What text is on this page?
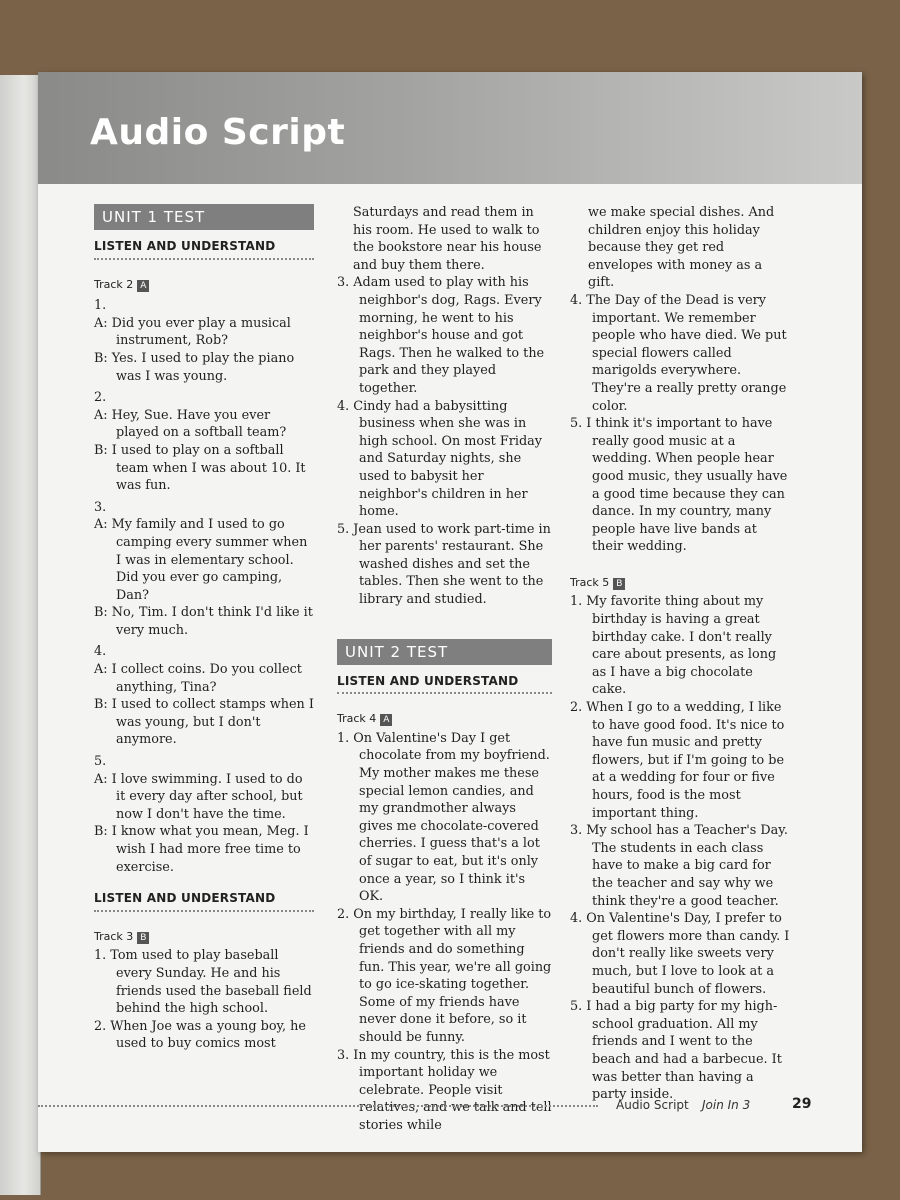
Audio Script
UNIT 1 TEST
LISTEN AND UNDERSTAND
Track 2 A
1.
A: Did you ever play a musical instrument, Rob?
B: Yes. I used to play the piano was I was young.
2.
A: Hey, Sue. Have you ever played on a softball team?
B: I used to play on a softball team when I was about 10. It was fun.
3.
A: My family and I used to go camping every summer when I was in elementary school. Did you ever go camping, Dan?
B: No, Tim. I don't think I'd like it very much.
4.
A: I collect coins. Do you collect anything, Tina?
B: I used to collect stamps when I was young, but I don't anymore.
5.
A: I love swimming. I used to do it every day after school, but now I don't have the time.
B: I know what you mean, Meg. I wish I had more free time to exercise.
LISTEN AND UNDERSTAND
Track 3 B
1. Tom used to play baseball every Sunday. He and his friends used the baseball field behind the high school.
2. When Joe was a young boy, he used to buy comics most
Saturdays and read them in his room. He used to walk to the bookstore near his house and buy them there.
3. Adam used to play with his neighbor's dog, Rags. Every morning, he went to his neighbor's house and got Rags. Then he walked to the park and they played together.
4. Cindy had a babysitting business when she was in high school. On most Friday and Saturday nights, she used to babysit her neighbor's children in her home.
5. Jean used to work part-time in her parents' restaurant. She washed dishes and set the tables. Then she went to the library and studied.
UNIT 2 TEST
LISTEN AND UNDERSTAND
Track 4 A
1. On Valentine's Day I get chocolate from my boyfriend. My mother makes me these special lemon candies, and my grandmother always gives me chocolate-covered cherries. I guess that's a lot of sugar to eat, but it's only once a year, so I think it's OK.
2. On my birthday, I really like to get together with all my friends and do something fun. This year, we're all going to go ice-skating together. Some of my friends have never done it before, so it should be funny.
3. In my country, this is the most important holiday we celebrate. People visit relatives, and we talk and tell stories while
we make special dishes. And children enjoy this holiday because they get red envelopes with money as a gift.
4. The Day of the Dead is very important. We remember people who have died. We put special flowers called marigolds everywhere. They're a really pretty orange color.
5. I think it's important to have really good music at a wedding. When people hear good music, they usually have a good time because they can dance. In my country, many people have live bands at their wedding.
Track 5 B
1. My favorite thing about my birthday is having a great birthday cake. I don't really care about presents, as long as I have a big chocolate cake.
2. When I go to a wedding, I like to have good food. It's nice to have fun music and pretty flowers, but if I'm going to be at a wedding for four or five hours, food is the most important thing.
3. My school has a Teacher's Day. The students in each class have to make a big card for the teacher and say why we think they're a good teacher.
4. On Valentine's Day, I prefer to get flowers more than candy. I don't really like sweets very much, but I love to look at a beautiful bunch of flowers.
5. I had a big party for my high-school graduation. All my friends and I went to the beach and had a barbecue. It was better than having a party inside.
Audio Script Join In 3	29
